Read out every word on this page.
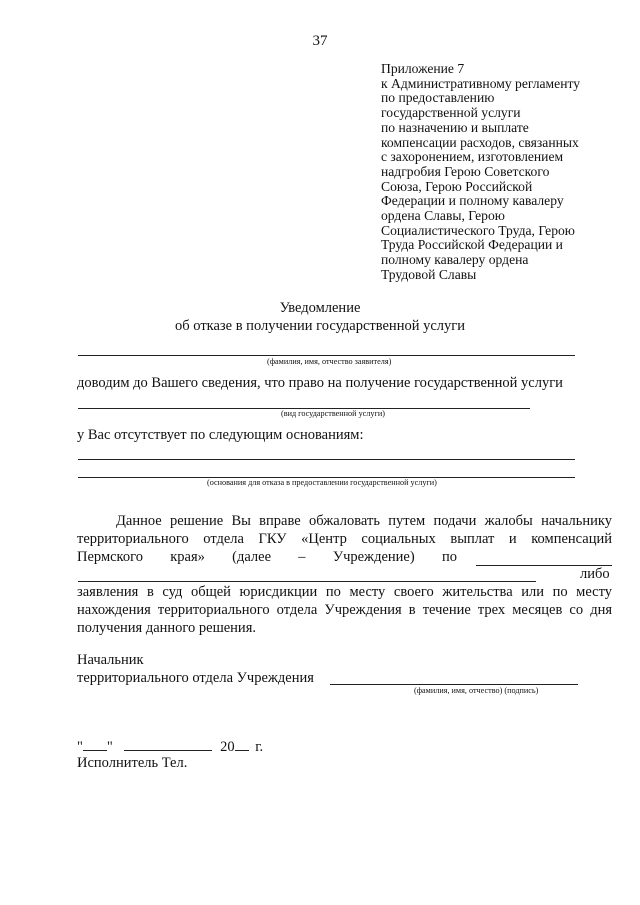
37
Приложение 7
к Административному регламенту
по предоставлению
государственной услуги
по назначению и выплате
компенсации расходов, связанных
с захоронением, изготовлением
надгробия Герою Советского
Союза, Герою Российской
Федерации и полному кавалеру
ордена Славы, Герою
Социалистического Труда, Герою
Труда Российской Федерации и
полному кавалеру ордена
Трудовой Славы
Уведомление
об отказе в получении государственной услуги
(фамилия, имя, отчество заявителя)
доводим до Вашего сведения, что право на получение государственной услуги
(вид государственной услуги)
у Вас отсутствует по следующим основаниям:
(основания для отказа в предоставлении государственной услуги)
Данное решение Вы вправе обжаловать путем подачи жалобы начальнику
территориального отдела ГКУ «Центр социальных выплат и компенсаций
Пермского края» (далее – Учреждение) по
либо
заявления в суд общей юрисдикции по месту своего жительства или по месту
нахождения территориального отдела Учреждения в течение трех месяцев со дня
получения данного решения.
Начальник
территориального отдела Учреждения
(фамилия, имя, отчество) (подпись)
" "	20 г.
Исполнитель Тел.
